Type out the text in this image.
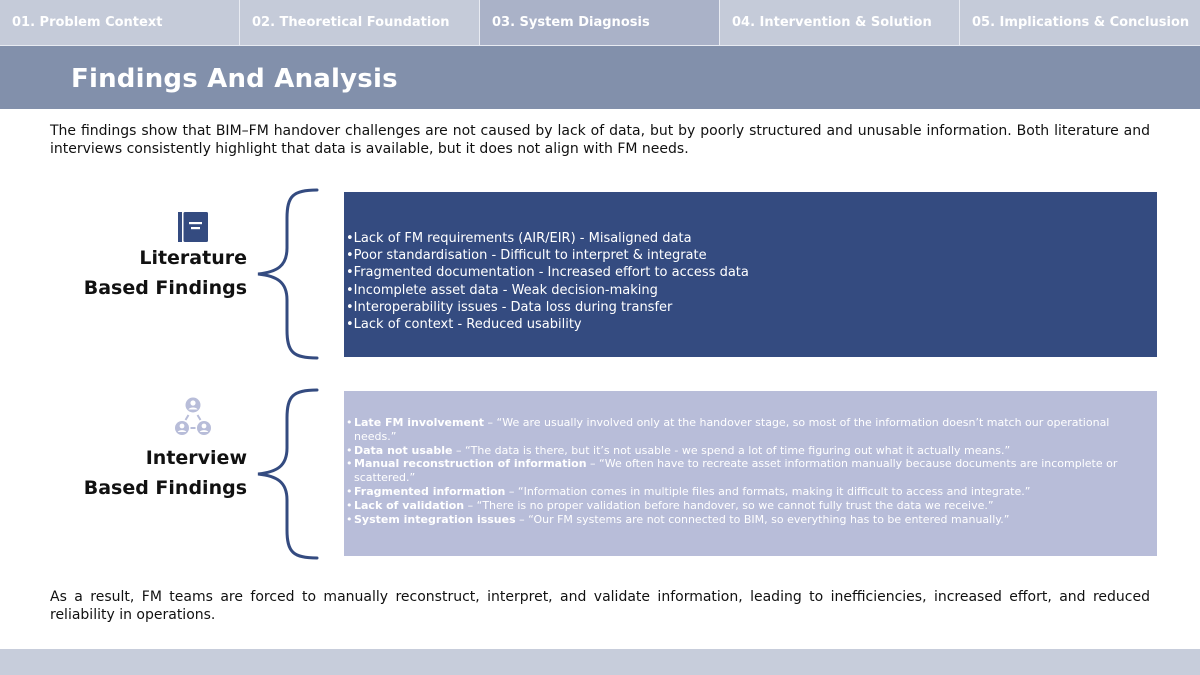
01. Problem Context	02. Theoretical Foundation	03. System Diagnosis	04. Intervention & Solution	05. Implications & Conclusion
Findings And Analysis

The findings show that BIM–FM handover challenges are not caused by lack of data, but by poorly structured and unusable information. Both literature and interviews consistently highlight that data is available, but it does not align with FM needs.

Literature
Based Findings
• Lack of FM requirements (AIR/EIR) - Misaligned data
• Poor standardisation - Difficult to interpret & integrate
• Fragmented documentation - Increased effort to access data
• Incomplete asset data - Weak decision-making
• Interoperability issues - Data loss during transfer
• Lack of context - Reduced usability
Interview
Based Findings
• Late FM involvement – “We are usually involved only at the handover stage, so most of the information doesn’t match our operational needs.”
• Data not usable – “The data is there, but it’s not usable - we spend a lot of time figuring out what it actually means.”
• Manual reconstruction of information – “We often have to recreate asset information manually because documents are incomplete or scattered.”
• Fragmented information – “Information comes in multiple files and formats, making it difficult to access and integrate.”
• Lack of validation – “There is no proper validation before handover, so we cannot fully trust the data we receive.”
• System integration issues – “Our FM systems are not connected to BIM, so everything has to be entered manually.”

As a result, FM teams are forced to manually reconstruct, interpret, and validate information, leading to inefficiencies, increased effort, and reduced reliability in operations.
